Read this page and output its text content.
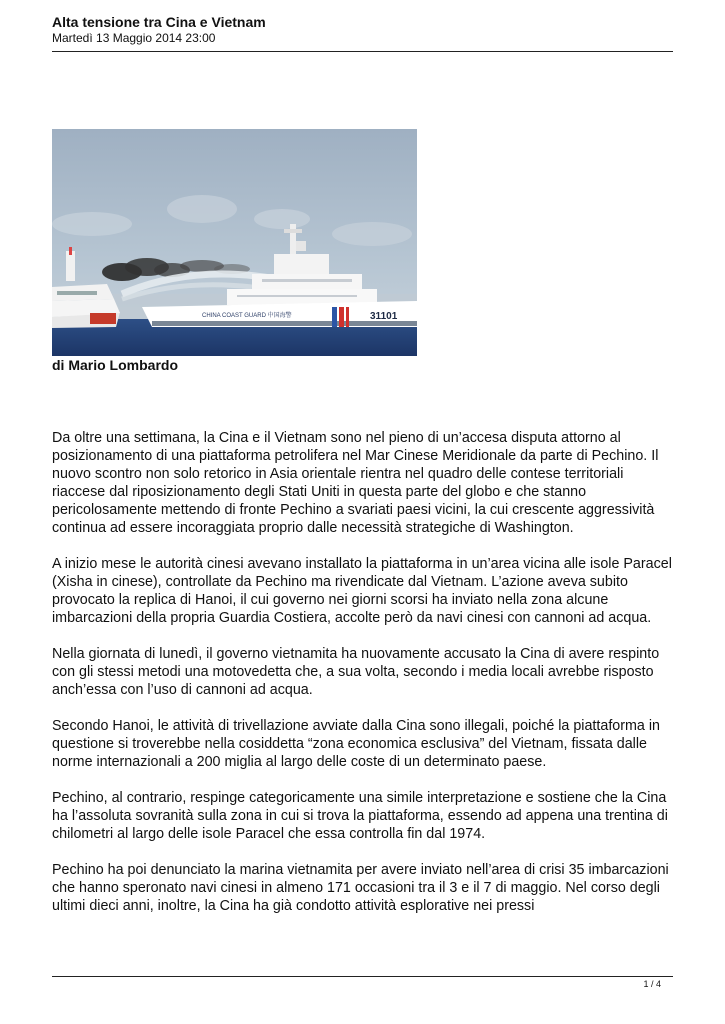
Alta tensione tra Cina e Vietnam
Martedì 13 Maggio 2014 23:00
CHINA COAST GUARD 中国海警	31101
di Mario Lombardo

Da oltre una settimana, la Cina e il Vietnam sono nel pieno di un’accesa disputa attorno al posizionamento di una piattaforma petrolifera nel Mar Cinese Meridionale da parte di Pechino. Il nuovo scontro non solo retorico in Asia orientale rientra nel quadro delle contese territoriali riaccese dal riposizionamento degli Stati Uniti in questa parte del globo e che stanno pericolosamente mettendo di fronte Pechino a svariati paesi vicini, la cui crescente aggressività continua ad essere incoraggiata proprio dalle necessità strategiche di Washington.

A inizio mese le autorità cinesi avevano installato la piattaforma in un’area vicina alle isole Paracel (Xisha in cinese), controllate da Pechino ma rivendicate dal Vietnam. L’azione aveva subito provocato la replica di Hanoi, il cui governo nei giorni scorsi ha inviato nella zona alcune imbarcazioni della propria Guardia Costiera, accolte però da navi cinesi con cannoni ad acqua.

Nella giornata di lunedì, il governo vietnamita ha nuovamente accusato la Cina di avere respinto con gli stessi metodi una motovedetta che, a sua volta, secondo i media locali avrebbe risposto anch’essa con l’uso di cannoni ad acqua.

Secondo Hanoi, le attività di trivellazione avviate dalla Cina sono illegali, poiché la piattaforma in questione si troverebbe nella cosiddetta “zona economica esclusiva” del Vietnam, fissata dalle norme internazionali a 200 miglia al largo delle coste di un determinato paese.

Pechino, al contrario, respinge categoricamente una simile interpretazione e sostiene che la Cina ha l’assoluta sovranità sulla zona in cui si trova la piattaforma, essendo ad appena una trentina di chilometri al largo delle isole Paracel che essa controlla fin dal 1974.

Pechino ha poi denunciato la marina vietnamita per avere inviato nell’area di crisi 35 imbarcazioni che hanno speronato navi cinesi in almeno 171 occasioni tra il 3 e il 7 di maggio. Nel corso degli ultimi dieci anni, inoltre, la Cina ha già condotto attività esplorative nei pressi

1 / 4
